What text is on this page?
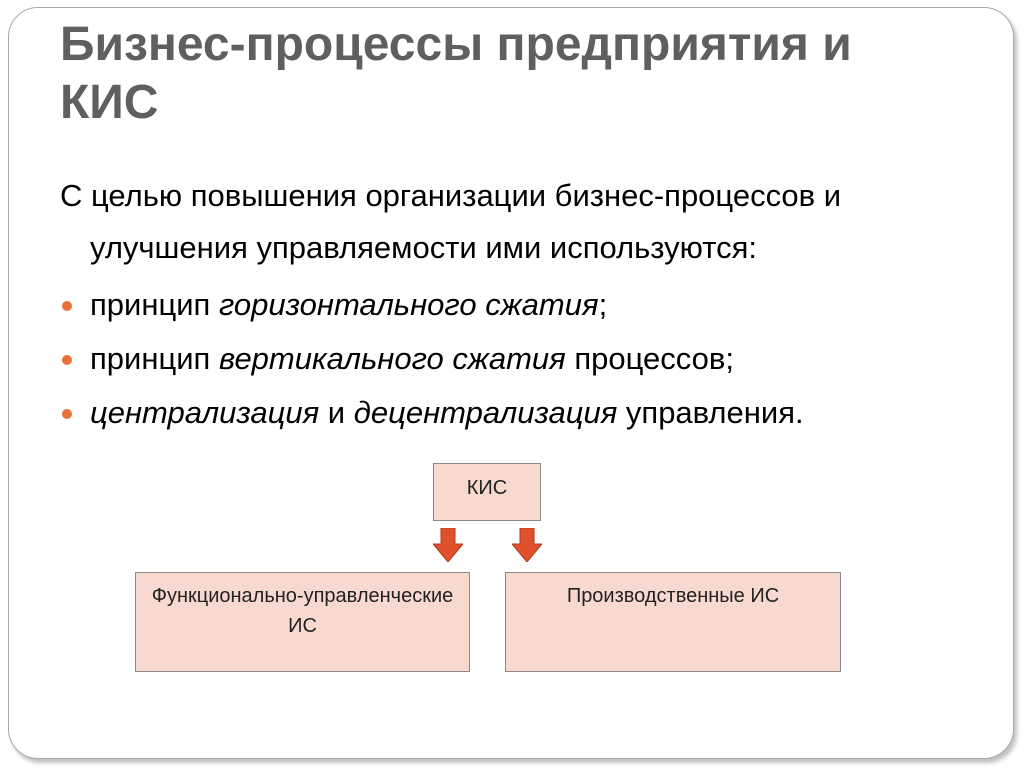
Бизнес-процессы предприятия и КИС

С целью повышения организации бизнес-процессов и улучшения управляемости ими используются:

принцип горизонтального сжатия;
принцип вертикального сжатия процессов;
централизация и децентрализация управления.
КИС
Функционально-управленческие ИС
Производственные ИС
